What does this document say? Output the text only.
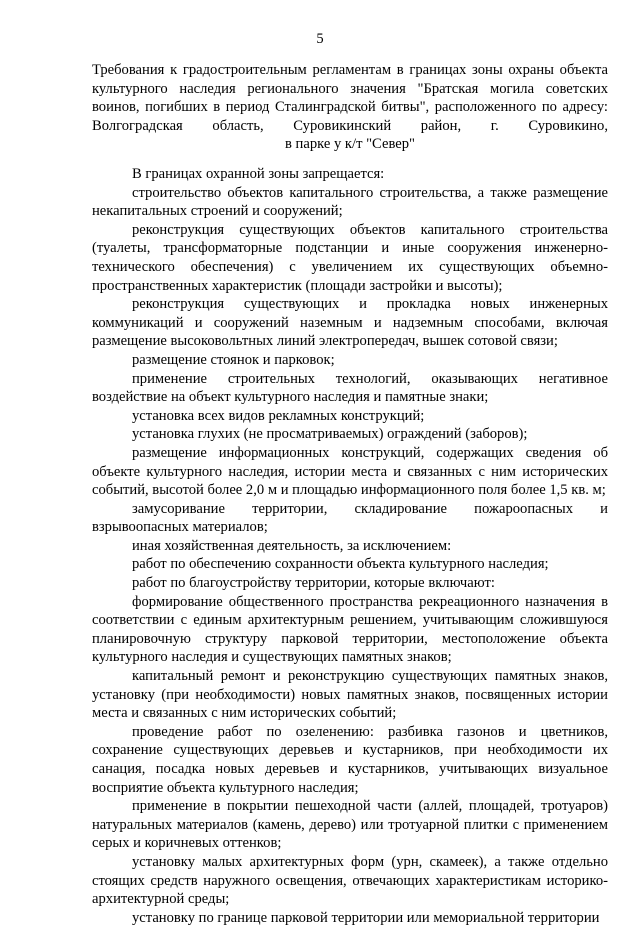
5
Требования к градостроительным регламентам в границах зоны охраны объекта
культурного наследия регионального значения "Братская могила советских
воинов, погибших в период Сталинградской битвы", расположенного по адресу:
Волгоградская область, Суровикинский район, г. Суровикино,
в парке у к/т "Север"

В границах охранной зоны запрещается:

строительство объектов капитального строительства, а также размещение некапитальных строений и сооружений;

реконструкция существующих объектов капитального строительства (туалеты, трансформаторные подстанции и иные сооружения инженерно-технического обеспечения) с увеличением их существующих объемно-пространственных характеристик (площади застройки и высоты);

реконструкция существующих и прокладка новых инженерных коммуникаций и сооружений наземным и надземным способами, включая размещение высоковольтных линий электропередач, вышек сотовой связи;

размещение стоянок и парковок;

применение строительных технологий, оказывающих негативное воздействие на объект культурного наследия и памятные знаки;

установка всех видов рекламных конструкций;

установка глухих (не просматриваемых) ограждений (заборов);

размещение информационных конструкций, содержащих сведения об объекте культурного наследия, истории места и связанных с ним исторических событий, высотой более 2,0 м и площадью информационного поля более 1,5 кв. м;

замусоривание территории, складирование пожароопасных и взрывоопасных материалов;

иная хозяйственная деятельность, за исключением:

работ по обеспечению сохранности объекта культурного наследия;

работ по благоустройству территории, которые включают:

формирование общественного пространства рекреационного назначения в соответствии с единым архитектурным решением, учитывающим сложившуюся планировочную структуру парковой территории, местоположение объекта культурного наследия и существующих памятных знаков;

капитальный ремонт и реконструкцию существующих памятных знаков, установку (при необходимости) новых памятных знаков, посвященных истории места и связанных с ним исторических событий;

проведение работ по озеленению: разбивка газонов и цветников, сохранение существующих деревьев и кустарников, при необходимости их санация, посадка новых деревьев и кустарников, учитывающих визуальное восприятие объекта культурного наследия;

применение в покрытии пешеходной части (аллей, площадей, тротуаров) натуральных материалов (камень, дерево) или тротуарной плитки с применением серых и коричневых оттенков;

установку малых архитектурных форм (урн, скамеек), а также отдельно стоящих средств наружного освещения, отвечающих характеристикам историко-архитектурной среды;

установку по границе парковой территории или мемориальной территории
